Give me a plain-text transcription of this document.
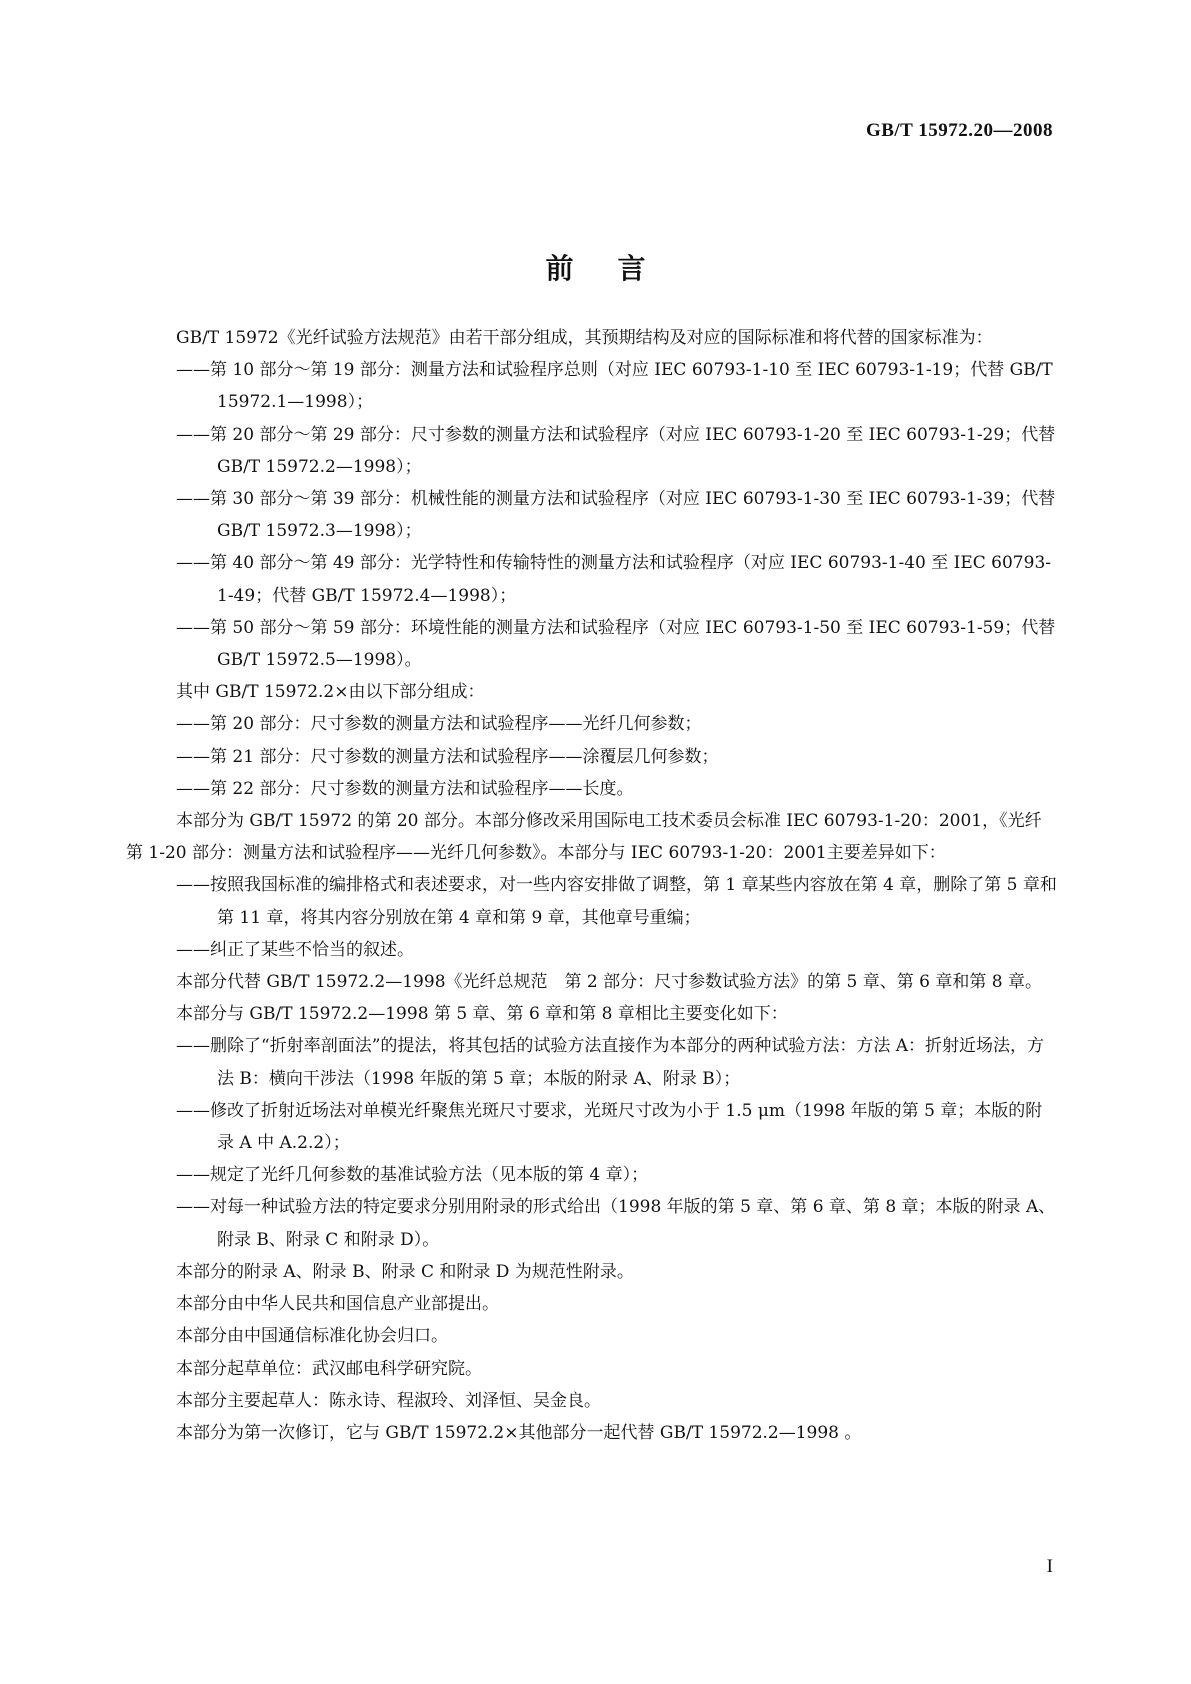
GB/T 15972.20—2008
前言

GB/T 15972《光纤试验方法规范》由若干部分组成，其预期结构及对应的国际标准和将代替的国家标准为：

——第 10 部分～第 19 部分：测量方法和试验程序总则（对应 IEC 60793-1-10 至 IEC 60793-1-19；代替 GB/T 15972.1—1998）；

——第 20 部分～第 29 部分：尺寸参数的测量方法和试验程序（对应 IEC 60793-1-20 至 IEC 60793-1-29；代替 GB/T 15972.2—1998）；

——第 30 部分～第 39 部分：机械性能的测量方法和试验程序（对应 IEC 60793-1-30 至 IEC 60793-1-39；代替 GB/T 15972.3—1998）；

——第 40 部分～第 49 部分：光学特性和传输特性的测量方法和试验程序（对应 IEC 60793-1-40 至 IEC 60793-1-49；代替 GB/T 15972.4—1998）；

——第 50 部分～第 59 部分：环境性能的测量方法和试验程序（对应 IEC 60793-1-50 至 IEC 60793-1-59；代替 GB/T 15972.5—1998）。

其中 GB/T 15972.2×由以下部分组成：

——第 20 部分：尺寸参数的测量方法和试验程序——光纤几何参数；

——第 21 部分：尺寸参数的测量方法和试验程序——涂覆层几何参数；

——第 22 部分：尺寸参数的测量方法和试验程序——长度。

本部分为 GB/T 15972 的第 20 部分。本部分修改采用国际电工技术委员会标准 IEC 60793-1-20：2001，《光纤　第 1-20 部分：测量方法和试验程序——光纤几何参数》。本部分与 IEC 60793-1-20：2001主要差异如下：

——按照我国标准的编排格式和表述要求，对一些内容安排做了调整，第 1 章某些内容放在第 4 章，删除了第 5 章和第 11 章，将其内容分别放在第 4 章和第 9 章，其他章号重编；

——纠正了某些不恰当的叙述。

本部分代替 GB/T 15972.2—1998《光纤总规范　第 2 部分：尺寸参数试验方法》的第 5 章、第 6 章和第 8 章。

本部分与 GB/T 15972.2—1998 第 5 章、第 6 章和第 8 章相比主要变化如下：

——删除了“折射率剖面法”的提法，将其包括的试验方法直接作为本部分的两种试验方法：方法 A：折射近场法，方法 B：横向干涉法（1998 年版的第 5 章；本版的附录 A、附录 B）；

——修改了折射近场法对单模光纤聚焦光斑尺寸要求，光斑尺寸改为小于 1.5 μm（1998 年版的第 5 章；本版的附录 A 中 A.2.2）；

——规定了光纤几何参数的基准试验方法（见本版的第 4 章）；

——对每一种试验方法的特定要求分别用附录的形式给出（1998 年版的第 5 章、第 6 章、第 8 章；本版的附录 A、附录 B、附录 C 和附录 D）。

本部分的附录 A、附录 B、附录 C 和附录 D 为规范性附录。

本部分由中华人民共和国信息产业部提出。

本部分由中国通信标准化协会归口。

本部分起草单位：武汉邮电科学研究院。

本部分主要起草人：陈永诗、程淑玲、刘泽恒、吴金良。

本部分为第一次修订，它与 GB/T 15972.2×其他部分一起代替 GB/T 15972.2—1998 。

I
